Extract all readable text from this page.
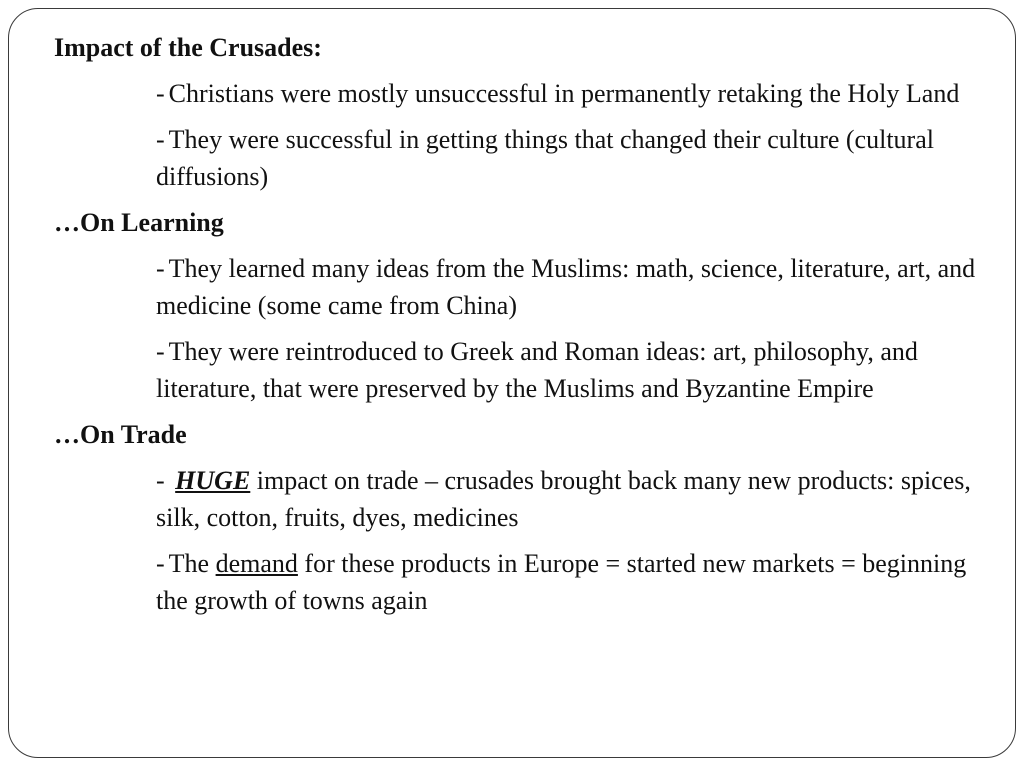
Impact of the Crusades:
- Christians were mostly unsuccessful in permanently retaking the Holy Land
- They were successful in getting things that changed their culture (cultural diffusions)
…On Learning
- They learned many ideas from the Muslims: math, science, literature, art, and medicine (some came from China)
- They were reintroduced to Greek and Roman ideas: art, philosophy, and literature, that were preserved by the Muslims and Byzantine Empire
…On Trade
- HUGE impact on trade – crusades brought back many new products: spices, silk, cotton, fruits, dyes, medicines
- The demand for these products in Europe = started new markets = beginning the growth of towns again
